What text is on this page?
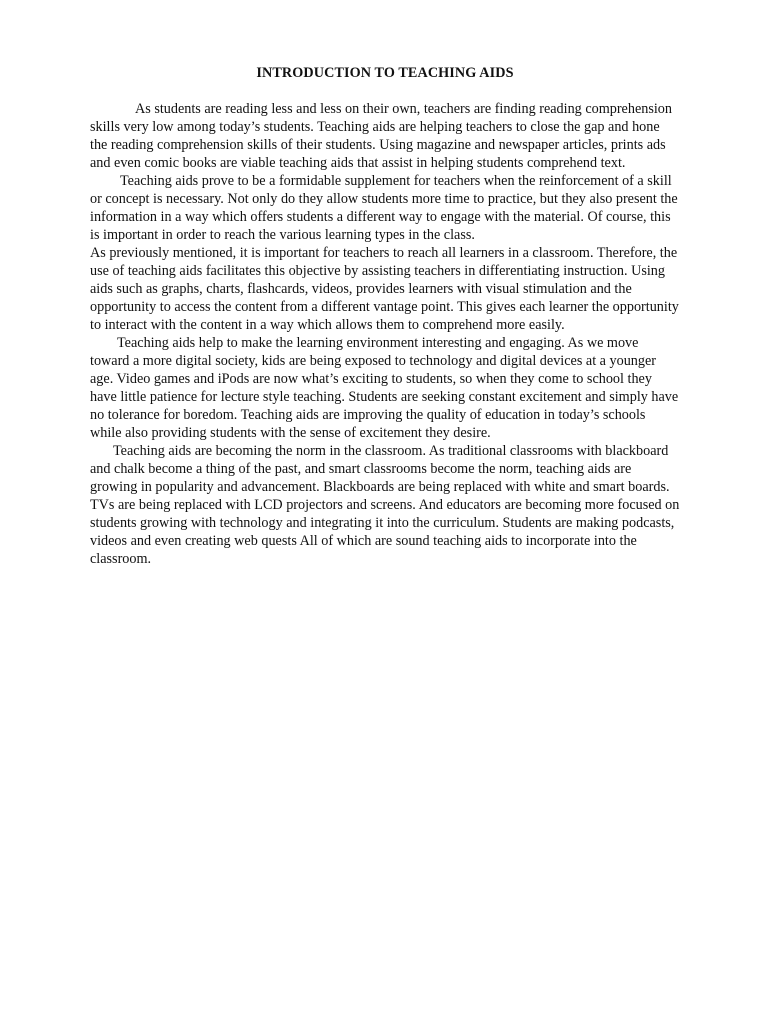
INTRODUCTION TO TEACHING AIDS

As students are reading less and less on their own, teachers are finding reading comprehension skills very low among today’s students. Teaching aids are helping teachers to close the gap and hone the reading comprehension skills of their students. Using magazine and newspaper articles, prints ads and even comic books are viable teaching aids that assist in helping students comprehend text.

Teaching aids prove to be a formidable supplement for teachers when the reinforcement of a skill or concept is necessary. Not only do they allow students more time to practice, but they also present the information in a way which offers students a different way to engage with the material. Of course, this is important in order to reach the various learning types in the class.

As previously mentioned, it is important for teachers to reach all learners in a classroom. Therefore, the use of teaching aids facilitates this objective by assisting teachers in differentiating instruction. Using aids such as graphs, charts, flashcards, videos, provides learners with visual stimulation and the opportunity to access the content from a different vantage point. This gives each learner the opportunity to interact with the content in a way which allows them to comprehend more easily.

Teaching aids help to make the learning environment interesting and engaging. As we move toward a more digital society, kids are being exposed to technology and digital devices at a younger age. Video games and iPods are now what’s exciting to students, so when they come to school they have little patience for lecture style teaching. Students are seeking constant excitement and simply have no tolerance for boredom. Teaching aids are improving the quality of education in today’s schools while also providing students with the sense of excitement they desire.

Teaching aids are becoming the norm in the classroom. As traditional classrooms with blackboard and chalk become a thing of the past, and smart classrooms become the norm, teaching aids are growing in popularity and advancement. Blackboards are being replaced with white and smart boards. TVs are being replaced with LCD projectors and screens. And educators are becoming more focused on students growing with technology and integrating it into the curriculum. Students are making podcasts, videos and even creating web quests All of which are sound teaching aids to incorporate into the classroom.
